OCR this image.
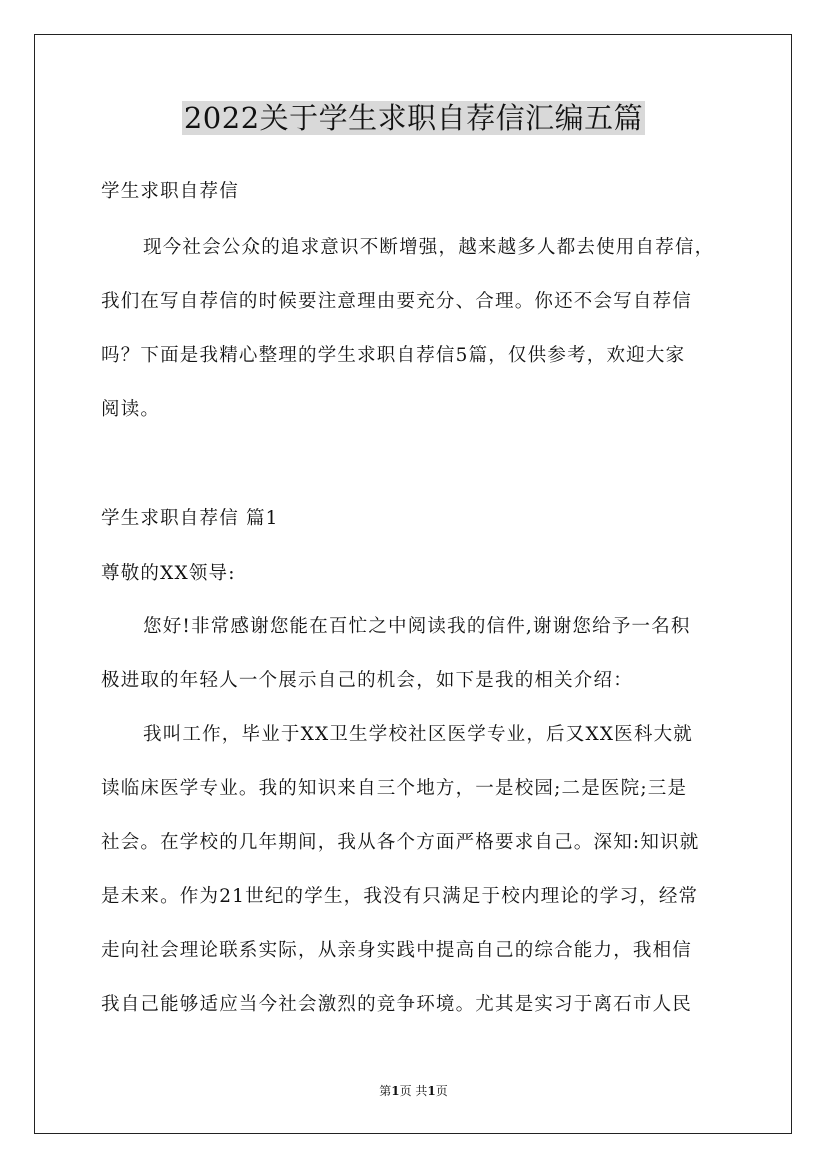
2022关于学生求职自荐信汇编五篇
学生求职自荐信
现今社会公众的追求意识不断增强，越来越多人都去使用自荐信，
我们在写自荐信的时候要注意理由要充分、合理。你还不会写自荐信
吗？下面是我精心整理的学生求职自荐信5篇，仅供参考，欢迎大家
阅读。
学生求职自荐信 篇1
尊敬的XX领导:
您好!非常感谢您能在百忙之中阅读我的信件,谢谢您给予一名积
极进取的年轻人一个展示自己的机会，如下是我的相关介绍：
我叫工作，毕业于XX卫生学校社区医学专业，后又XX医科大就
读临床医学专业。我的知识来自三个地方，一是校园;二是医院;三是
社会。在学校的几年期间，我从各个方面严格要求自己。深知:知识就
是未来。作为21世纪的学生，我没有只满足于校内理论的学习，经常
走向社会理论联系实际，从亲身实践中提高自己的综合能力，我相信
我自己能够适应当今社会激烈的竞争环境。尤其是实习于离石市人民
第1页 共1页
